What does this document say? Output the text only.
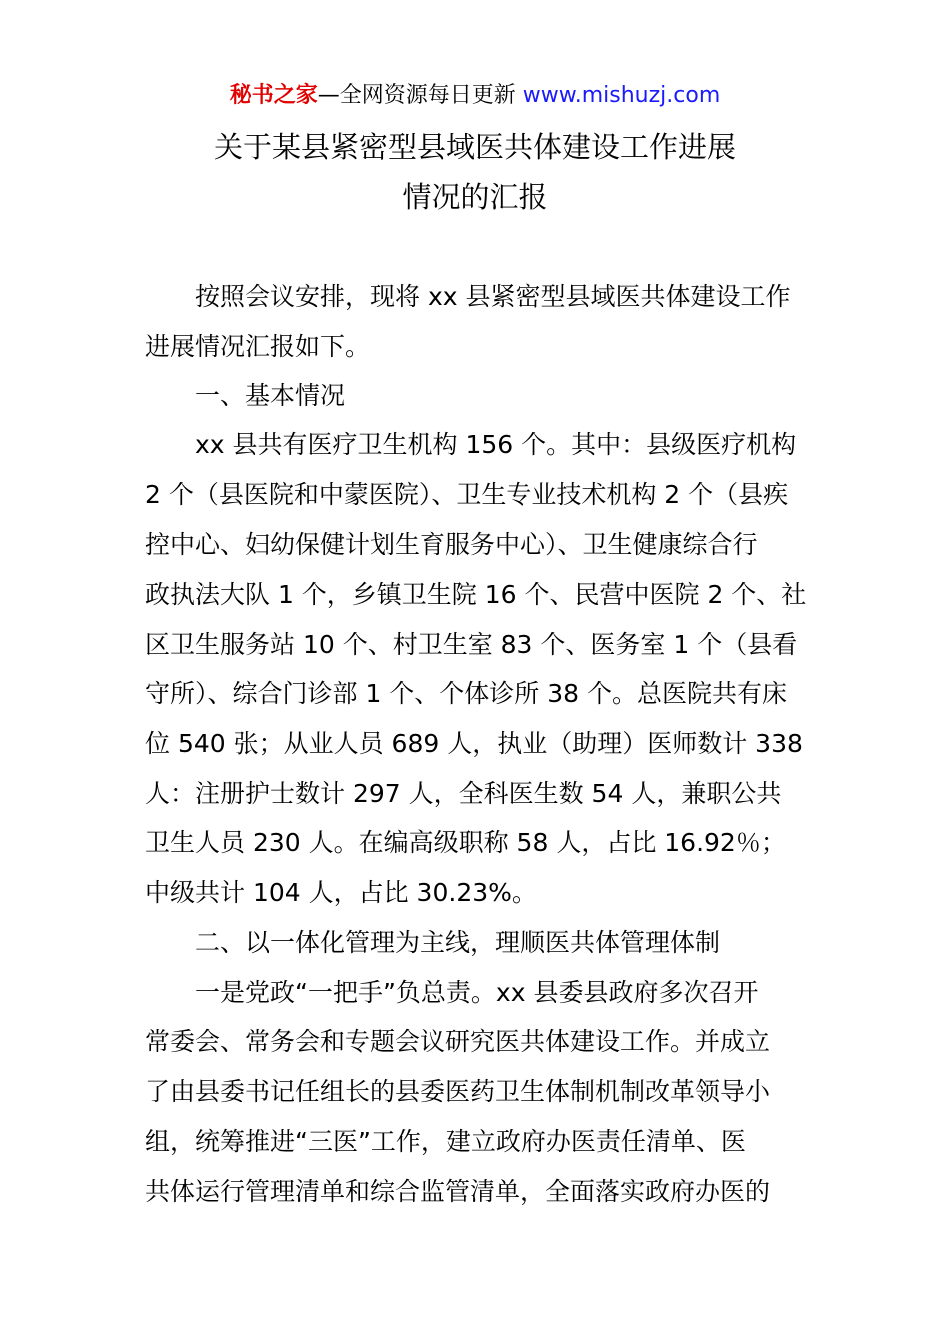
秘书之家—全网资源每日更新 www.mishuzj.com
关于某县紧密型县域医共体建设工作进展
情况的汇报
　　按照会议安排，现将 xx 县紧密型县域医共体建设工作
进展情况汇报如下。
　　一、基本情况
　　xx 县共有医疗卫生机构 156 个。其中：县级医疗机构
2 个（县医院和中蒙医院）、卫生专业技术机构 2 个（县疾
控中心、妇幼保健计划生育服务中心）、卫生健康综合行
政执法大队 1 个，乡镇卫生院 16 个、民营中医院 2 个、社
区卫生服务站 10 个、村卫生室 83 个、医务室 1 个（县看
守所）、综合门诊部 1 个、个体诊所 38 个。总医院共有床
位 540 张；从业人员 689 人，执业（助理）医师数计 338
人：注册护士数计 297 人，全科医生数 54 人，兼职公共
卫生人员 230 人。在编高级职称 58 人，占比 16.92％；
中级共计 104 人，占比 30.23%。
　　二、以一体化管理为主线，理顺医共体管理体制
　　一是党政“一把手”负总责。xx 县委县政府多次召开
常委会、常务会和专题会议研究医共体建设工作。并成立
了由县委书记任组长的县委医药卫生体制机制改革领导小
组，统筹推进“三医”工作，建立政府办医责任清单、医
共体运行管理清单和综合监管清单，全面落实政府办医的
